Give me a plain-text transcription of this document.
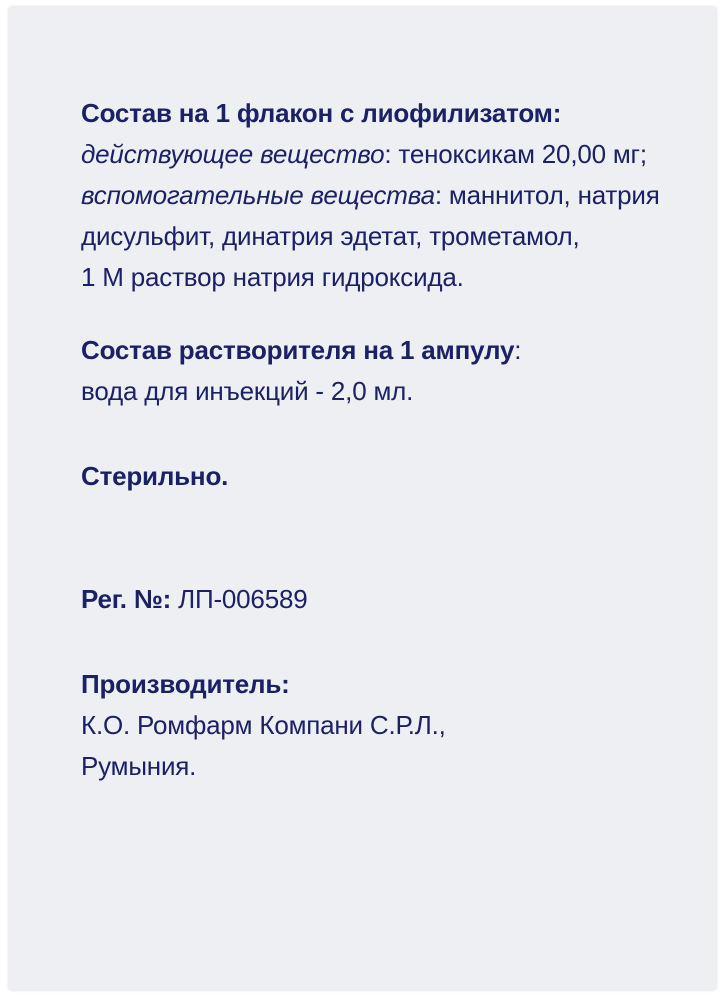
Состав на 1 флакон с лиофилизатом:
действующее вещество: теноксикам 20,00 мг;
вспомогательные вещества: маннитол, натрия
дисульфит, динатрия эдетат, трометамол,
1 М раствор натрия гидроксида.
Состав растворителя на 1 ампулу:
вода для инъекций - 2,0 мл.
Стерильно.
Рег. №: ЛП-006589
Производитель:
К.О. Ромфарм Компани С.Р.Л.,
Румыния.
